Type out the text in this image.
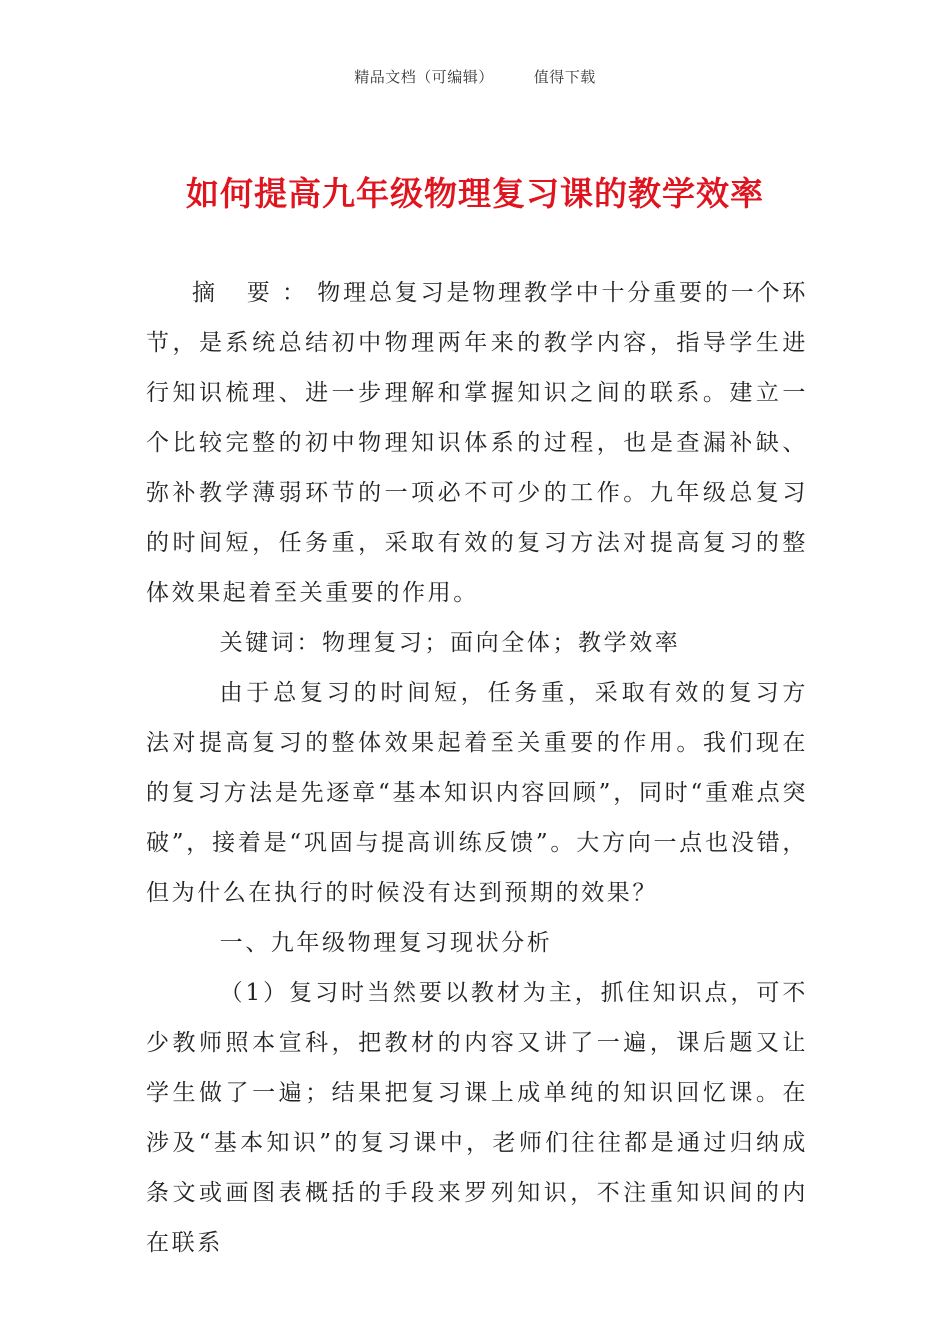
精品文档（可编辑）	值得下载
如何提高九年级物理复习课的教学效率

摘 要：物理总复习是物理教学中十分重要的一个环节，是系统总结初中物理两年来的教学内容，指导学生进行知识梳理、进一步理解和掌握知识之间的联系。建立一个比较完整的初中物理知识体系的过程，也是查漏补缺、弥补教学薄弱环节的一项必不可少的工作。九年级总复习的时间短，任务重，采取有效的复习方法对提高复习的整体效果起着至关重要的作用。

关键词：物理复习；面向全体；教学效率

由于总复习的时间短，任务重，采取有效的复习方法对提高复习的整体效果起着至关重要的作用。我们现在的复习方法是先逐章“基本知识内容回顾”，同时“重难点突破”，接着是“巩固与提高训练反馈”。大方向一点也没错，但为什么在执行的时候没有达到预期的效果？

一、九年级物理复习现状分析

（1）复习时当然要以教材为主，抓住知识点，可不少教师照本宣科，把教材的内容又讲了一遍，课后题又让学生做了一遍；结果把复习课上成单纯的知识回忆课。在涉及“基本知识”的复习课中，老师们往往都是通过归纳成条文或画图表概括的手段来罗列知识，不注重知识间的内在联系
